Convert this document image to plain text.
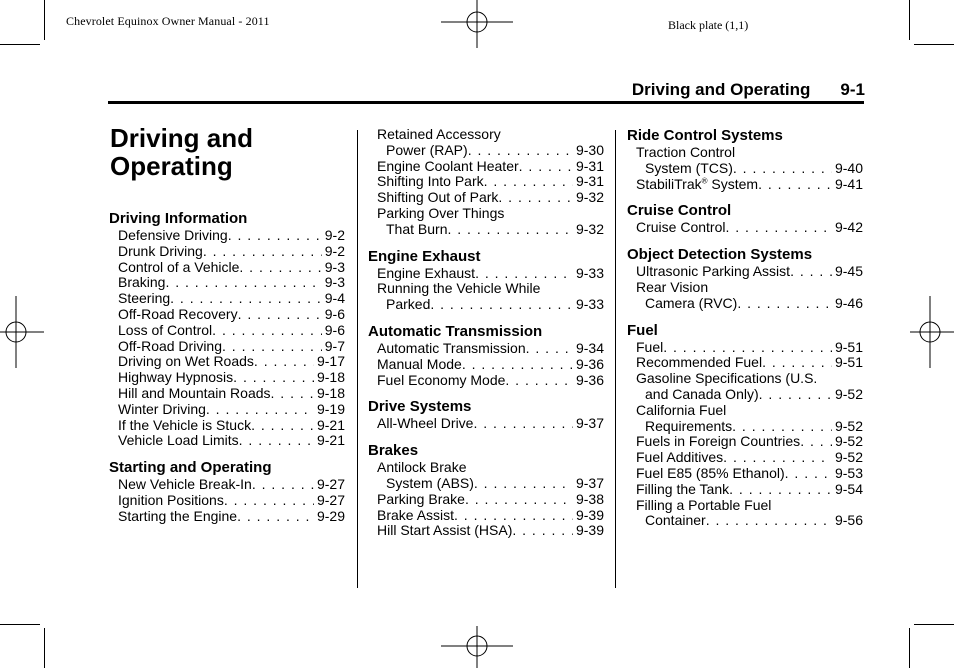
Chevrolet Equinox Owner Manual - 2011	Black plate (1,1)
Driving and Operating 9-1
Driving and Operating
Driving Information
Defensive Driving . . .	9-2
Drunk Driving . . .	9-2
Control of a Vehicle . . .	9-3
Braking . . .	9-3
Steering . . .	9-4
Off-Road Recovery . . .	9-6
Loss of Control . . .	9-6
Off-Road Driving . . .	9-7
Driving on Wet Roads . . .	9-17
Highway Hypnosis . . .	9-18
Hill and Mountain Roads . . .	9-18
Winter Driving . . .	9-19
If the Vehicle is Stuck . . .	9-21
Vehicle Load Limits . . .	9-21
Starting and Operating
New Vehicle Break-In . . .	9-27
Ignition Positions . . .	9-27
Starting the Engine . . .	9-29
Retained Accessory
Power (RAP) . . .	9-30
Engine Coolant Heater . . .	9-31
Shifting Into Park . . .	9-31
Shifting Out of Park . . .	9-32
Parking Over Things
That Burn . . .	9-32
Engine Exhaust
Engine Exhaust . . .	9-33
Running the Vehicle While
Parked . . .	9-33
Automatic Transmission
Automatic Transmission . . .	9-34
Manual Mode . . .	9-36
Fuel Economy Mode . . .	9-36
Drive Systems
All-Wheel Drive . . .	9-37
Brakes
Antilock Brake
System (ABS) . . .	9-37
Parking Brake . . .	9-38
Brake Assist . . .	9-39
Hill Start Assist (HSA) . . .	9-39
Ride Control Systems
Traction Control
System (TCS) . . .	9-40
StabiliTrak® System . . .	9-41
Cruise Control
Cruise Control . . .	9-42
Object Detection Systems
Ultrasonic Parking Assist . . .	9-45
Rear Vision
Camera (RVC) . . .	9-46
Fuel
Fuel . . .	9-51
Recommended Fuel . . .	9-51
Gasoline Specifications (U.S.
and Canada Only) . . .	9-52
California Fuel
Requirements . . .	9-52
Fuels in Foreign Countries . . . 9-52
Fuel Additives . . .	9-52
Fuel E85 (85% Ethanol) . . .	9-53
Filling the Tank . . .	9-54
Filling a Portable Fuel
Container . . .	9-56
